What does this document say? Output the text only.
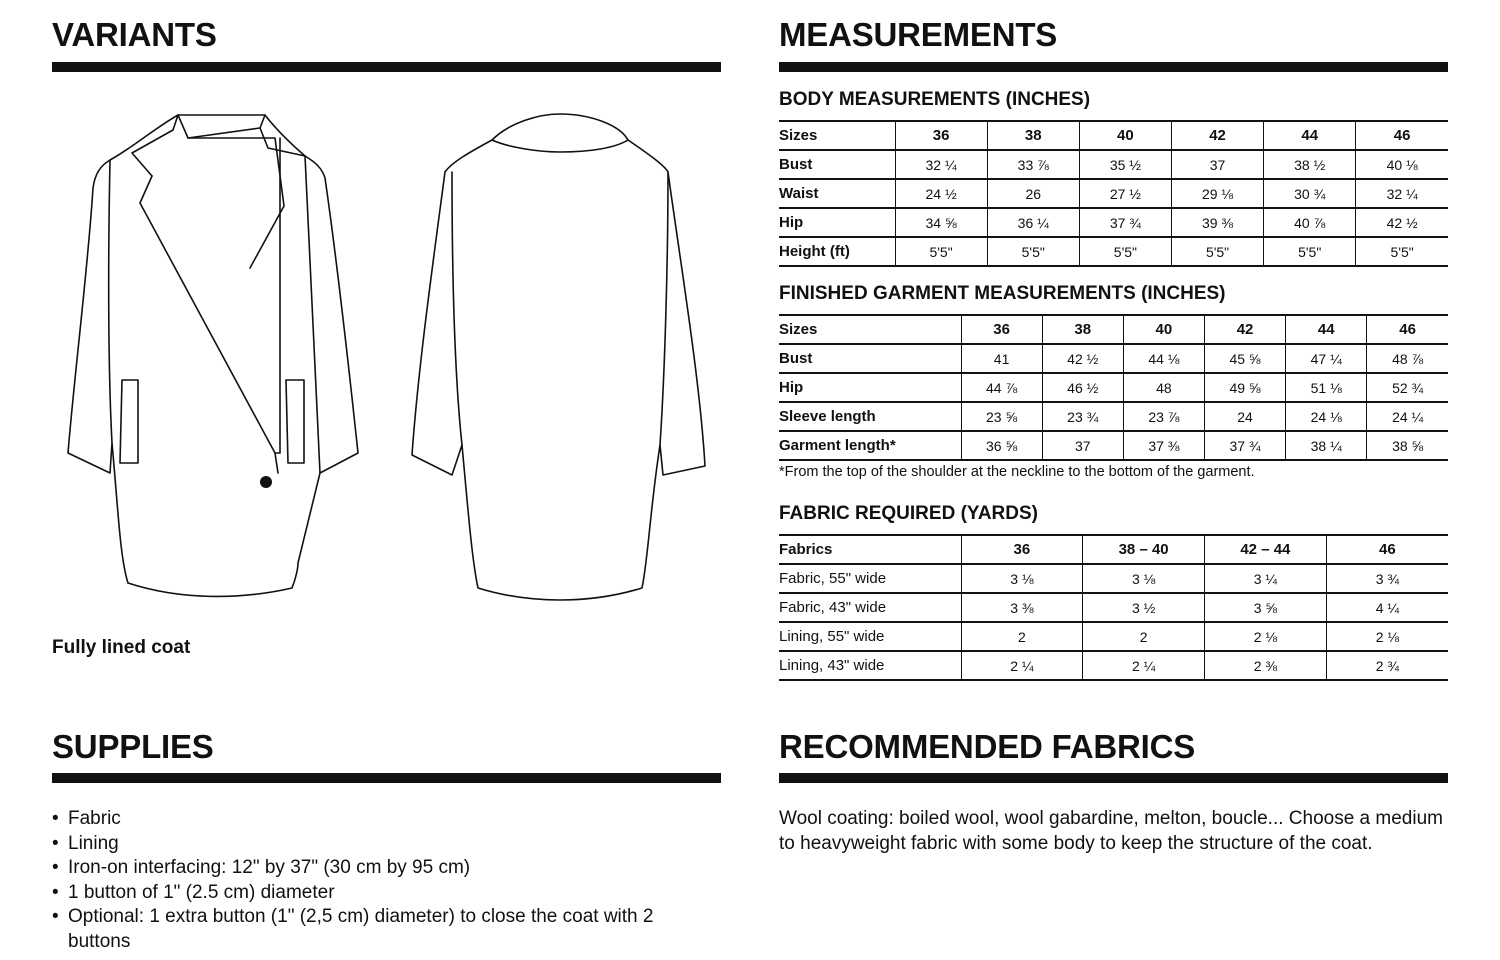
VARIANTS
Fully lined coat
MEASUREMENTS
BODY MEASUREMENTS (INCHES)
Sizes	36	38	40	42	44	46
Bust	32 ¼	33 ⅞	35 ½	37	38 ½	40 ⅛
Waist	24 ½	26	27 ½	29 ⅛	30 ¾	32 ¼
Hip	34 ⅝	36 ¼	37 ¾	39 ⅜	40 ⅞	42 ½
Height (ft)	5'5"	5'5"	5'5"	5'5"	5'5"	5'5"
FINISHED GARMENT MEASUREMENTS (INCHES)
Sizes	36	38	40	42	44	46
Bust	41	42 ½	44 ⅛	45 ⅝	47 ¼	48 ⅞
Hip	44 ⅞	46 ½	48	49 ⅝	51 ⅛	52 ¾
Sleeve length	23 ⅝	23 ¾	23 ⅞	24	24 ⅛	24 ¼
Garment length*	36 ⅝	37	37 ⅜	37 ¾	38 ¼	38 ⅝
*From the top of the shoulder at the neckline to the bottom of the garment.
FABRIC REQUIRED (YARDS)
Fabrics	36	38 – 40	42 – 44	46
Fabric, 55" wide	3 ⅛	3 ⅛	3 ¼	3 ¾
Fabric, 43" wide	3 ⅜	3 ½	3 ⅝	4 ¼
Lining, 55" wide	2	2	2 ⅛	2 ⅛
Lining, 43" wide	2 ¼	2 ¼	2 ⅜	2 ¾
SUPPLIES
• Fabric
• Lining
• Iron-on interfacing: 12" by 37" (30 cm by 95 cm)
• 1 button of 1" (2.5 cm) diameter
• Optional: 1 extra button (1" (2,5 cm) diameter) to close the coat with 2 buttons
RECOMMENDED FABRICS

Wool coating: boiled wool, wool gabardine, melton, boucle... Choose a medium to heavyweight fabric with some body to keep the structure of the coat.
